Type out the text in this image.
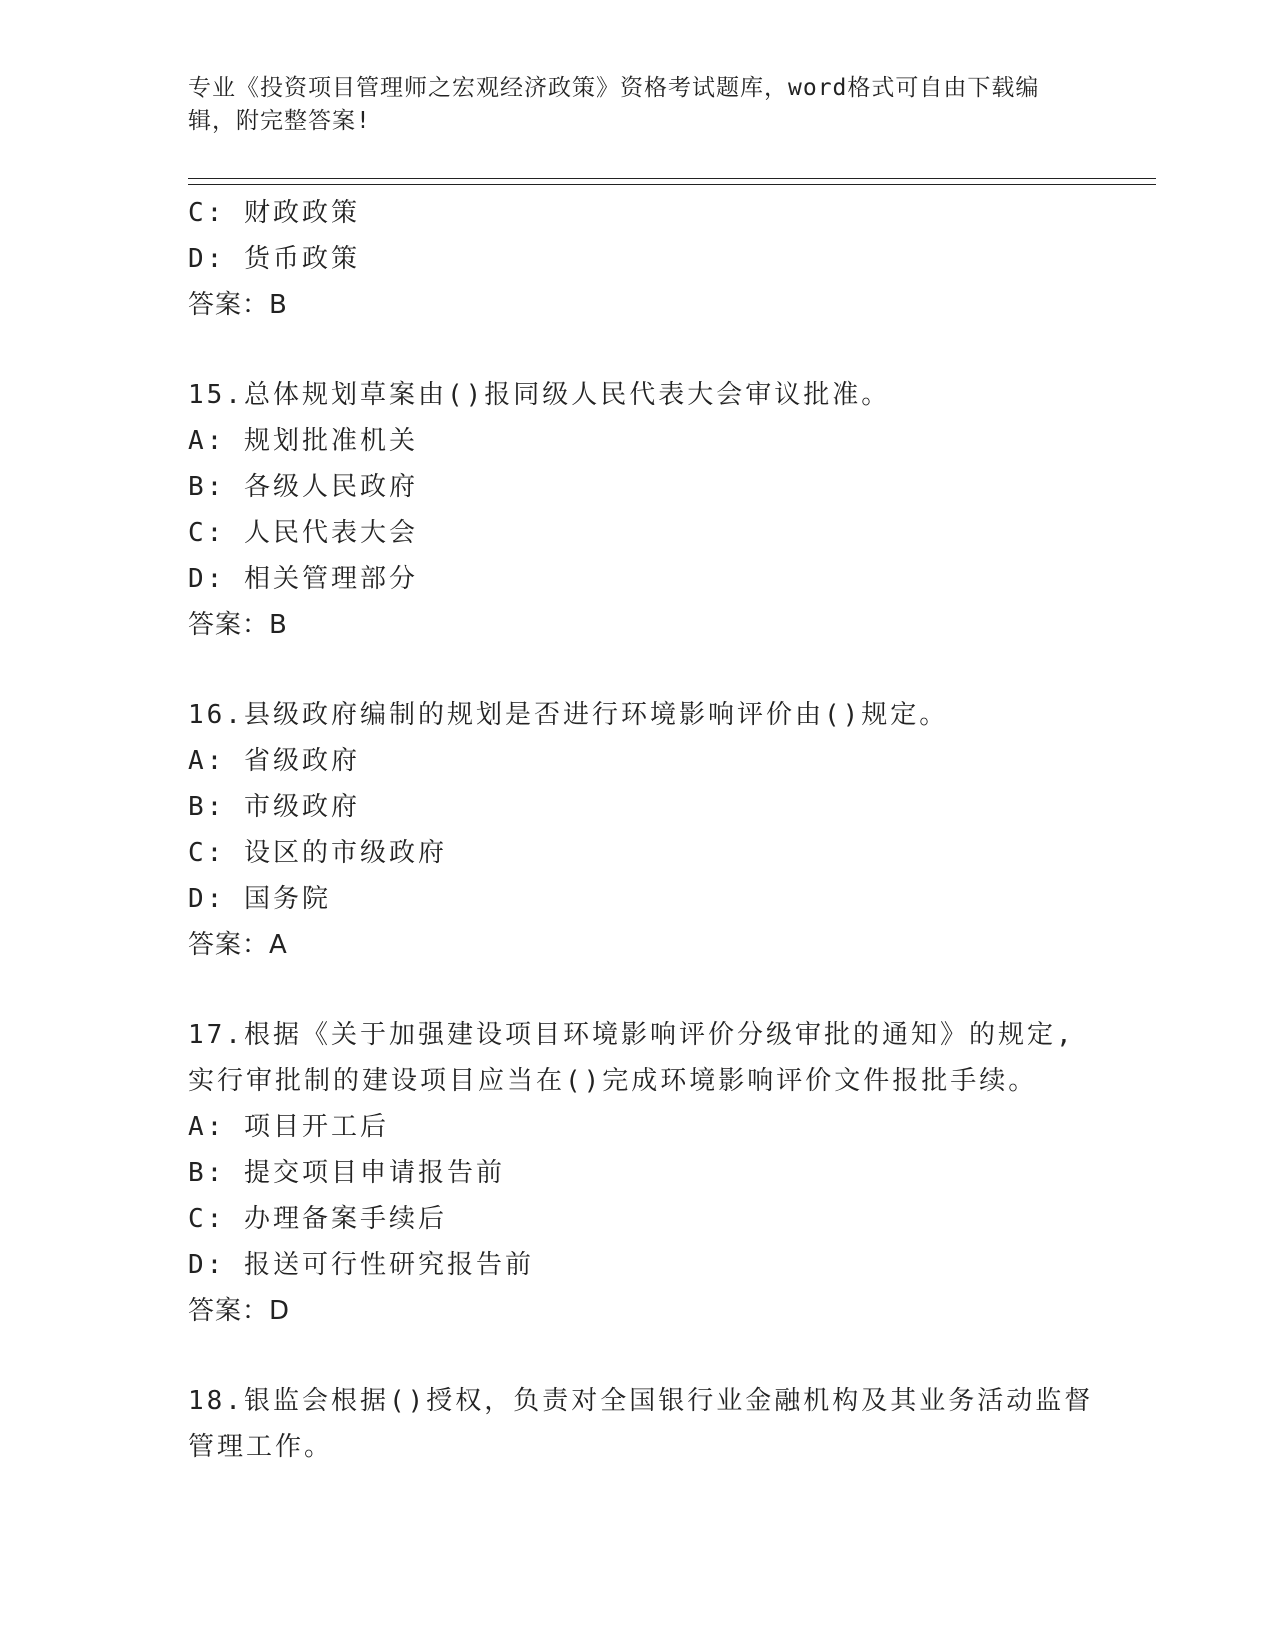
专业《投资项目管理师之宏观经济政策》资格考试题库，word格式可自由下载编
辑，附完整答案!
C: 财政政策
D: 货币政策
答案：B
15.总体规划草案由()报同级人民代表大会审议批准。
A: 规划批准机关
B: 各级人民政府
C: 人民代表大会
D: 相关管理部分
答案：B
16.县级政府编制的规划是否进行环境影响评价由()规定。
A: 省级政府
B: 市级政府
C: 设区的市级政府
D: 国务院
答案：A
17.根据《关于加强建设项目环境影响评价分级审批的通知》的规定,
实行审批制的建设项目应当在()完成环境影响评价文件报批手续。
A: 项目开工后
B: 提交项目申请报告前
C: 办理备案手续后
D: 报送可行性研究报告前
答案：D
18.银监会根据()授权，负责对全国银行业金融机构及其业务活动监督
管理工作。
